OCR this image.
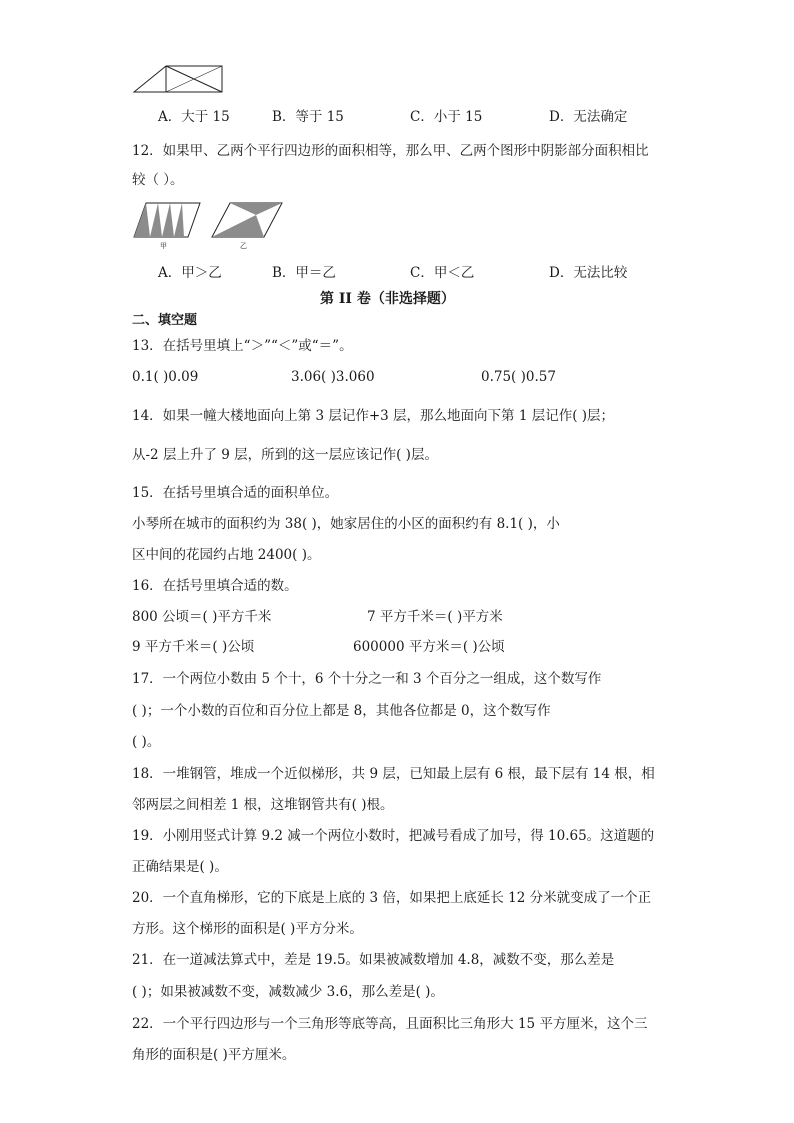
A．大于 15	B．等于 15	C．小于 15	D．无法确定
12．如果甲、乙两个平行四边形的面积相等，那么甲、乙两个图形中阴影部分面积相比
较（ ）。
甲	乙
A．甲＞乙	B．甲＝乙	C．甲＜乙	D．无法比较
第 II 卷（非选择题）
二、填空题
13．在括号里填上“＞”“＜”或“＝”。
0.1( )0.09	3.06( )3.060	0.75( )0.57
14．如果一幢大楼地面向上第 3 层记作+3 层，那么地面向下第 1 层记作( )层；
从-2 层上升了 9 层，所到的这一层应该记作( )层。
15．在括号里填合适的面积单位。
小琴所在城市的面积约为 38( )，她家居住的小区的面积约有 8.1( )，小
区中间的花园约占地 2400( )。
16．在括号里填合适的数。
800 公顷＝( )平方千米	7 平方千米＝( )平方米
9 平方千米＝( )公顷	600000 平方米＝( )公顷
17．一个两位小数由 5 个十，6 个十分之一和 3 个百分之一组成，这个数写作
( )；一个小数的百位和百分位上都是 8，其他各位都是 0，这个数写作
( )。
18．一堆钢管，堆成一个近似梯形，共 9 层，已知最上层有 6 根，最下层有 14 根，相
邻两层之间相差 1 根，这堆钢管共有( )根。
19．小刚用竖式计算 9.2 减一个两位小数时，把减号看成了加号，得 10.65。这道题的
正确结果是( )。
20．一个直角梯形，它的下底是上底的 3 倍，如果把上底延长 12 分米就变成了一个正
方形。这个梯形的面积是( )平方分米。
21．在一道减法算式中，差是 19.5。如果被减数增加 4.8，减数不变，那么差是
( )；如果被减数不变，减数减少 3.6，那么差是( )。
22．一个平行四边形与一个三角形等底等高，且面积比三角形大 15 平方厘米，这个三
角形的面积是( )平方厘米。
